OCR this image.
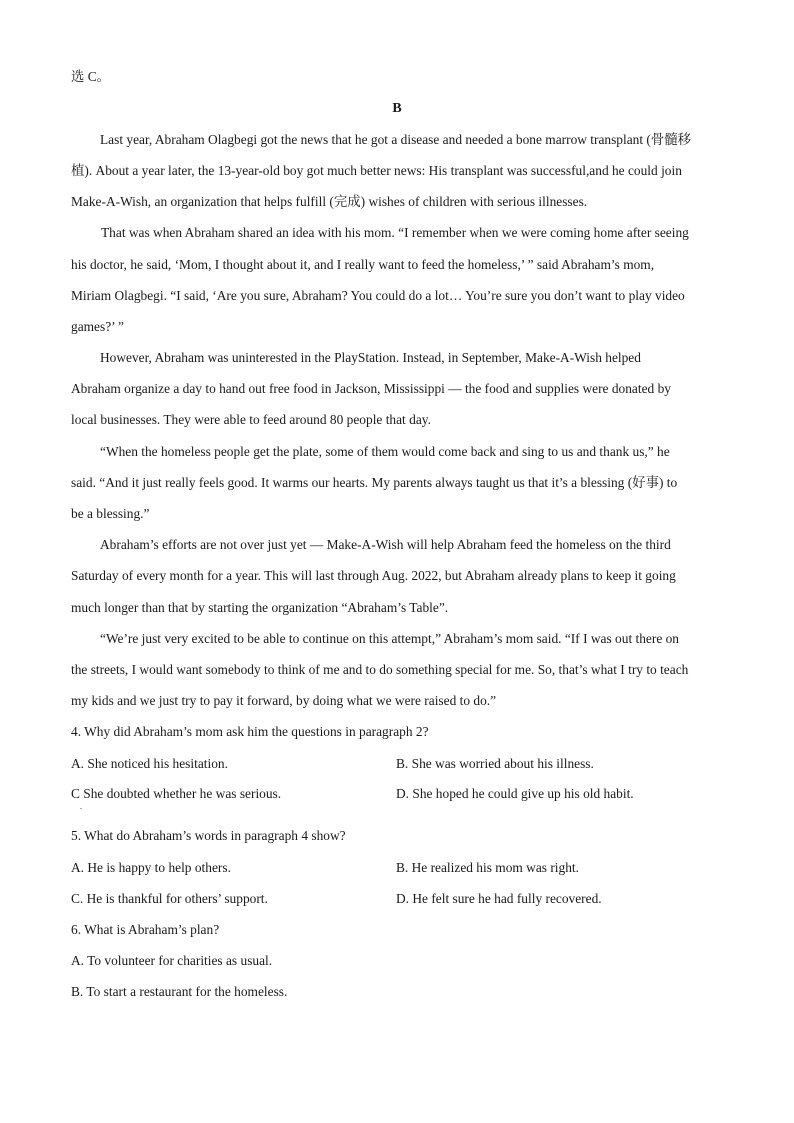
选 C。
B
Last year, Abraham Olagbegi got the news that he got a disease and needed a bone marrow transplant (骨髓移
植). About a year later, the 13-year-old boy got much better news: His transplant was successful,and he could join
Make-A-Wish, an organization that helps fulfill (完成) wishes of children with serious illnesses.
That was when Abraham shared an idea with his mom. “I remember when we were coming home after seeing
his doctor, he said, ‘Mom, I thought about it, and I really want to feed the homeless,’ ” said Abraham’s mom,
Miriam Olagbegi. “I said, ‘Are you sure, Abraham? You could do a lot… You’re sure you don’t want to play video
games?’ ”
However, Abraham was uninterested in the PlayStation. Instead, in September, Make-A-Wish helped
Abraham organize a day to hand out free food in Jackson, Mississippi — the food and supplies were donated by
local businesses. They were able to feed around 80 people that day.
“When the homeless people get the plate, some of them would come back and sing to us and thank us,” he
said. “And it just really feels good. It warms our hearts. My parents always taught us that it’s a blessing (好事) to
be a blessing.”
Abraham’s efforts are not over just yet — Make-A-Wish will help Abraham feed the homeless on the third
Saturday of every month for a year. This will last through Aug. 2022, but Abraham already plans to keep it going
much longer than that by starting the organization “Abraham’s Table”.
“We’re just very excited to be able to continue on this attempt,” Abraham’s mom said. “If I was out there on
the streets, I would want somebody to think of me and to do something special for me. So, that’s what I try to teach
my kids and we just try to pay it forward, by doing what we were raised to do.”
4. Why did Abraham’s mom ask him the questions in paragraph 2?
A. She noticed his hesitation.	B. She was worried about his illness.
C She doubted whether he was serious.
.
D. She hoped he could give up his old habit.
5. What do Abraham’s words in paragraph 4 show?
A. He is happy to help others.	B. He realized his mom was right.
C. He is thankful for others’ support.	D. He felt sure he had fully recovered.
6. What is Abraham’s plan?
A. To volunteer for charities as usual.
B. To start a restaurant for the homeless.
